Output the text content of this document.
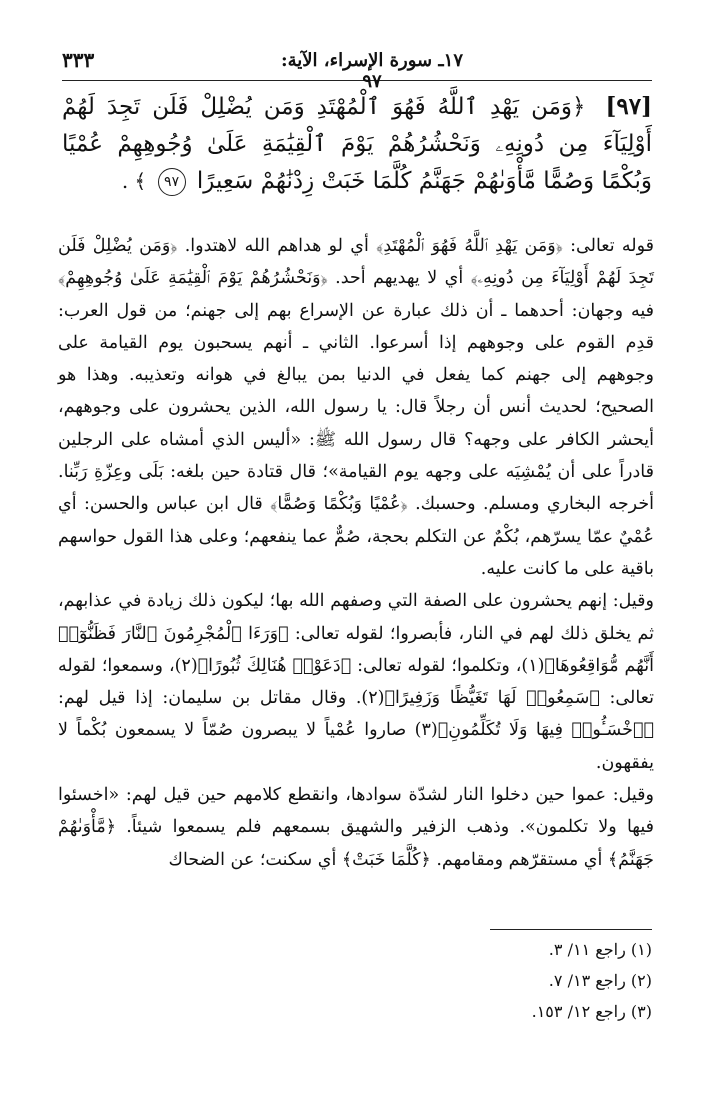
٣٣٣	١٧ـ سورة الإسراء، الآية: ٩٧
[٩٧] ﴿وَمَن يَهْدِ ٱللَّهُ فَهُوَ ٱلْمُهْتَدِ وَمَن يُضْلِلْ فَلَن تَجِدَ لَهُمْ أَوْلِيَآءَ مِن دُونِهِۦ وَنَحْشُرُهُمْ يَوْمَ ٱلْقِيَٰمَةِ عَلَىٰ وُجُوهِهِمْ عُمْيًا وَبُكْمًا وَصُمًّا مَّأْوَىٰهُمْ جَهَنَّمُ كُلَّمَا خَبَتْ زِدْنَٰهُمْ سَعِيرًا ٩٧ ﴾ .

قوله تعالى: ﴿وَمَن يَهْدِ ٱللَّهُ فَهُوَ ٱلْمُهْتَدِ﴾ أي لو هداهم الله لاهتدوا. ﴿وَمَن يُضْلِلْ فَلَن تَجِدَ لَهُمْ أَوْلِيَآءَ مِن دُونِهِۦ﴾ أي لا يهديهم أحد. ﴿وَنَحْشُرُهُمْ يَوْمَ ٱلْقِيَٰمَةِ عَلَىٰ وُجُوهِهِمْ﴾ فيه وجهان: أحدهما ـ أن ذلك عبارة عن الإسراع بهم إلى جهنم؛ من قول العرب: قدِم القوم على وجوههم إذا أسرعوا. الثاني ـ أنهم يسحبون يوم القيامة على وجوههم إلى جهنم كما يفعل في الدنيا بمن يبالغ في هوانه وتعذيبه. وهذا هو الصحيح؛ لحديث أنس أن رجلاً قال: يا رسول الله، الذين يحشرون على وجوههم، أيحشر الكافر على وجهه؟ قال رسول الله ﷺ: «أليس الذي أمشاه على الرجلين قادراً على أن يُمْشِيَه على وجهه يوم القيامة»؛ قال قتادة حين بلغه: بَلَى وعِزّةِ رَبِّنا. أخرجه البخاري ومسلم. وحسبك. ﴿عُمْيًا وَبُكْمًا وَصُمًّا﴾ قال ابن عباس والحسن: أي عُمْيٌ عمّا يسرّهم، بُكْمٌ عن التكلم بحجة، صُمٌّ عما ينفعهم؛ وعلى هذا القول حواسهم باقية على ما كانت عليه.

وقيل: إنهم يحشرون على الصفة التي وصفهم الله بها؛ ليكون ذلك زيادة في عذابهم، ثم يخلق ذلك لهم في النار، فأبصروا؛ لقوله تعالى: ﴿وَرَءَا ٱلْمُجْرِمُونَ ٱلنَّارَ فَظَنُّوٓا۟ أَنَّهُم مُّوَاقِعُوهَا﴾(١)، وتكلموا؛ لقوله تعالى: ﴿دَعَوْا۟ هُنَالِكَ ثُبُورًا﴾(٢)، وسمعوا؛ لقوله تعالى: ﴿سَمِعُوا۟ لَهَا تَغَيُّظًا وَزَفِيرًا﴾(٢). وقال مقاتل بن سليمان: إذا قيل لهم: ﴿ٱخْسَـُٔوا۟ فِيهَا وَلَا تُكَلِّمُونِ﴾(٣) صاروا عُمْياً لا يبصرون صُمّاً لا يسمعون بُكْماً لا يفقهون.

وقيل: عموا حين دخلوا النار لشدّة سوادها، وانقطع كلامهم حين قيل لهم: «اخسئوا فيها ولا تكلمون». وذهب الزفير والشهيق بسمعهم فلم يسمعوا شيئاً. ﴿مَّأْوَىٰهُمْ جَهَنَّمُ﴾ أي مستقرّهم ومقامهم. ﴿كُلَّمَا خَبَتْ﴾ أي سكنت؛ عن الضحاك

(١) راجع ١١/ ٣.
(٢) راجع ١٣/ ٧.
(٣) راجع ١٢/ ١٥٣.
